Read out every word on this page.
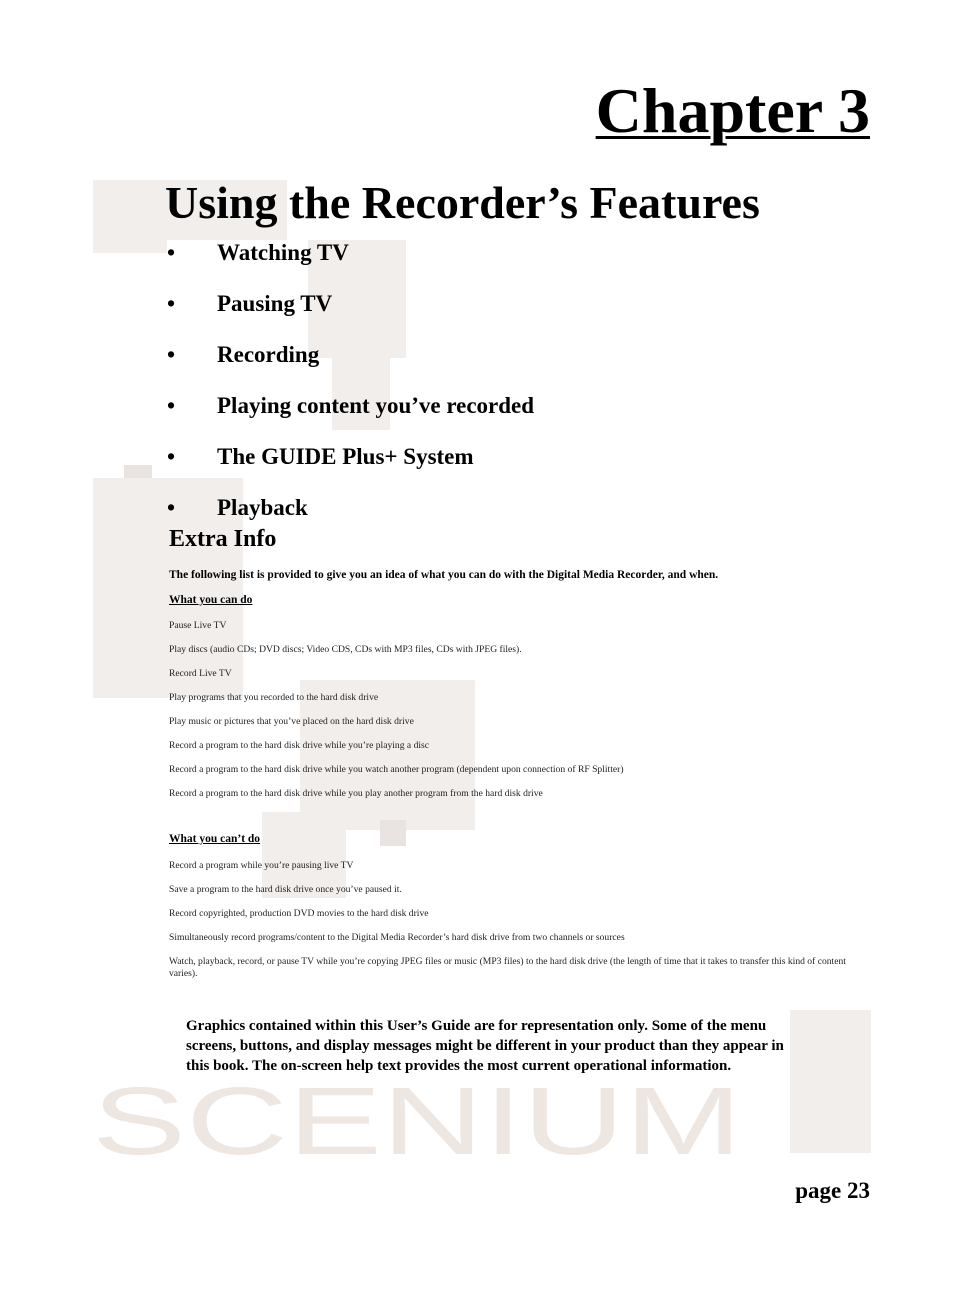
SCENIUM
Chapter 3
Using the Recorder’s Features
•	Watching TV
•	Pausing TV
•	Recording
•	Playing content you’ve recorded
•	The GUIDE Plus+ System
•	Playback
Extra Info

The following list is provided to give you an idea of what you can do with the Digital Media Recorder, and when.

What you can do

Pause Live TV
Play discs (audio CDs; DVD discs; Video CDS, CDs with MP3 files, CDs with JPEG files).
Record Live TV
Play programs that you recorded to the hard disk drive
Play music or pictures that you’ve placed on the hard disk drive
Record a program to the hard disk drive while you’re playing a disc
Record a program to the hard disk drive while you watch another program (dependent upon connection of RF Splitter)
Record a program to the hard disk drive while you play another program from the hard disk drive

What you can’t do

Record a program while you’re pausing live TV
Save a program to the hard disk drive once you’ve paused it.
Record copyrighted, production DVD movies to the hard disk drive
Simultaneously record programs/content to the Digital Media Recorder’s hard disk drive from two channels or sources
Watch, playback, record, or pause TV while you’re copying JPEG files or music (MP3 files) to the hard disk drive (the length of time that it takes to transfer this kind of content varies).

Graphics contained within this User’s Guide are for representation only. Some of the menu screens, buttons, and display messages might be different in your product than they appear in this book. The on-screen help text provides the most current operational information.

page 23
